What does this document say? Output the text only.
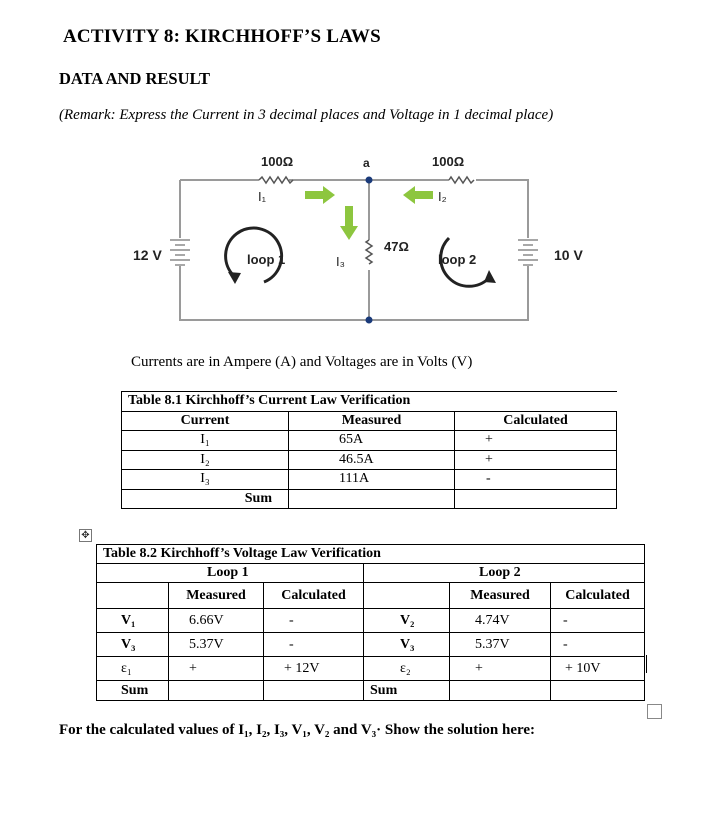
ACTIVITY 8: KIRCHHOFF’S LAWS
DATA AND RESULT
(Remark: Express the Current in 3 decimal places and Voltage in 1 decimal place)
100Ω	a	100Ω
I₁	I₂
12 V	loop 1	I₃
47Ω
loop 2	10 V
Currents are in Ampere (A) and Voltages are in Volts (V)
Table 8.1 Kirchhoff’s Current Law Verification		
Current	Measured	Calculated
I₁	65A	+
I₂	46.5A	+
I₃	111A	-
Sum		
✥
Table 8.2 Kirchhoff’s Voltage Law Verification					
Loop 1			Loop 2		
	Measured	Calculated		Measured	Calculated
V₁	6.66V	-	V₂	4.74V	-
V₃	5.37V	-	V₃	5.37V	-
ε₁	+	+ 12V	ε₂	+	+ 10V
Sum			Sum		
For the calculated values of I₁, I₂, I₃, V₁, V₂ and V₃· Show the solution here:
